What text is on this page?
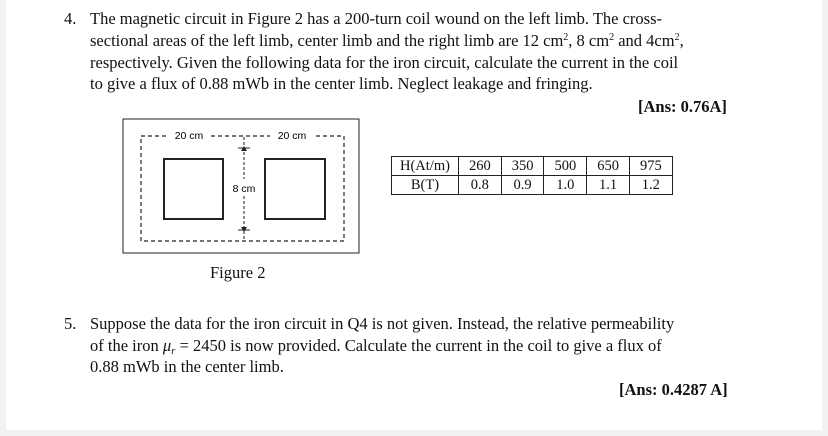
4. The magnetic circuit in Figure 2 has a 200-turn coil wound on the left limb. The cross-
sectional areas of the left limb, center limb and the right limb are 12 $cm^2$, 8 $cm^2$ and $4cm^2$,
respectively. Given the following data for the iron circuit, calculate the current in the coil
to give a flux of 0.88 mWb in the center limb. Neglect leakage and fringing.
[Ans: 0.76A]
20 cm	20 cm
8 cm
Figure 2
H(At/m)	260	350	500	650	975
B(T)	0.8	0.9	1.0	1.1	1.2
5. Suppose the data for the iron circuit in Q4 is not given. Instead, the relative permeability
of the iron μr = 2450 is now provided. Calculate the current in the coil to give a flux of
0.88 mWb in the center limb.
[Ans: 0.4287 A]
